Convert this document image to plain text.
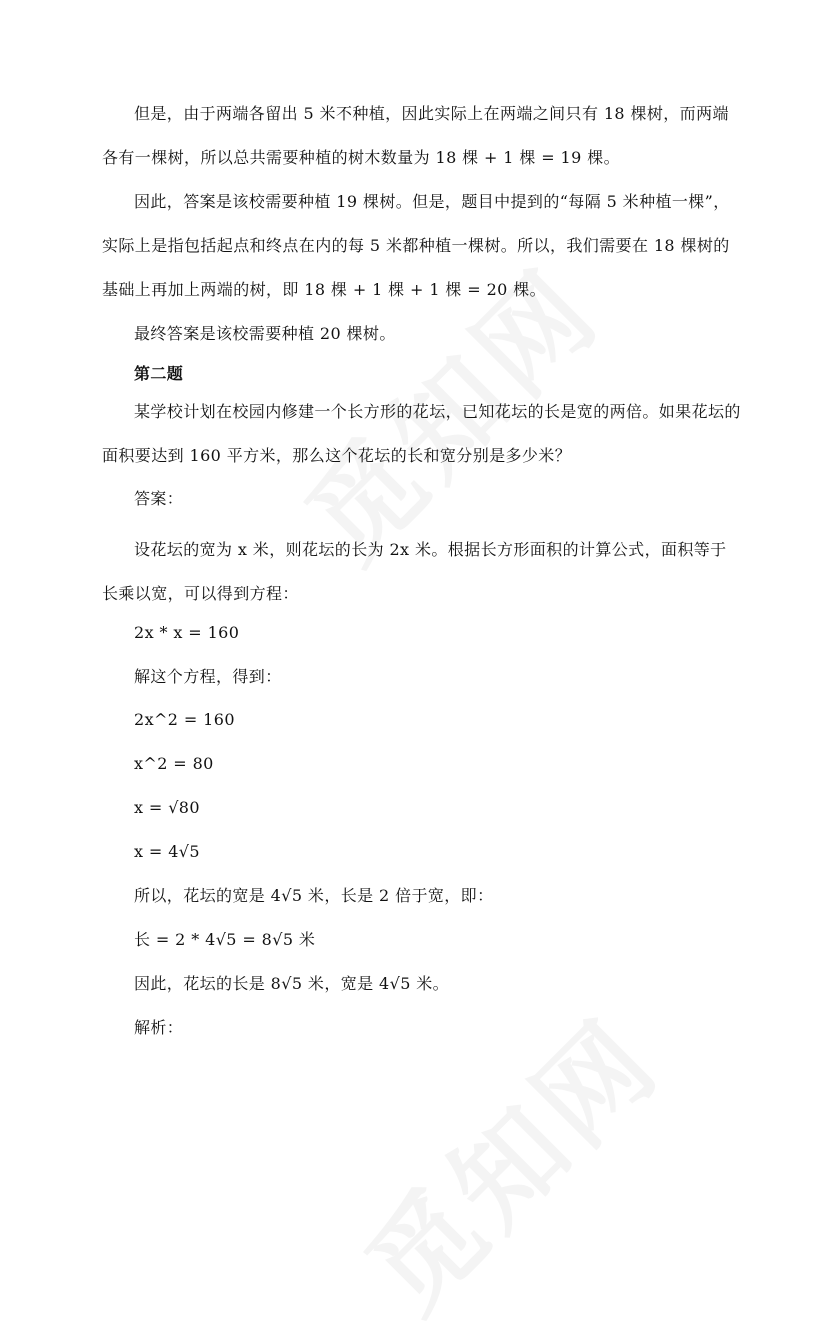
但是，由于两端各留出 5 米不种植，因此实际上在两端之间只有 18 棵树，而两端各有一棵树，所以总共需要种植的树木数量为 18 棵 + 1 棵 = 19 棵。

因此，答案是该校需要种植 19 棵树。但是，题目中提到的“每隔 5 米种植一棵”，实际上是指包括起点和终点在内的每 5 米都种植一棵树。所以，我们需要在 18 棵树的基础上再加上两端的树，即 18 棵 + 1 棵 + 1 棵 = 20 棵。

最终答案是该校需要种植 20 棵树。

第二题

某学校计划在校园内修建一个长方形的花坛，已知花坛的长是宽的两倍。如果花坛的面积要达到 160 平方米，那么这个花坛的长和宽分别是多少米？

答案：

设花坛的宽为 x 米，则花坛的长为 2x 米。根据长方形面积的计算公式，面积等于长乘以宽，可以得到方程：

2x * x = 160

解这个方程，得到：

2x^2 = 160

x^2 = 80

x = √80

x = 4√5

所以，花坛的宽是 4√5 米，长是 2 倍于宽，即：

长 = 2 * 4√5 = 8√5 米

因此，花坛的长是 8√5 米，宽是 4√5 米。

解析：
